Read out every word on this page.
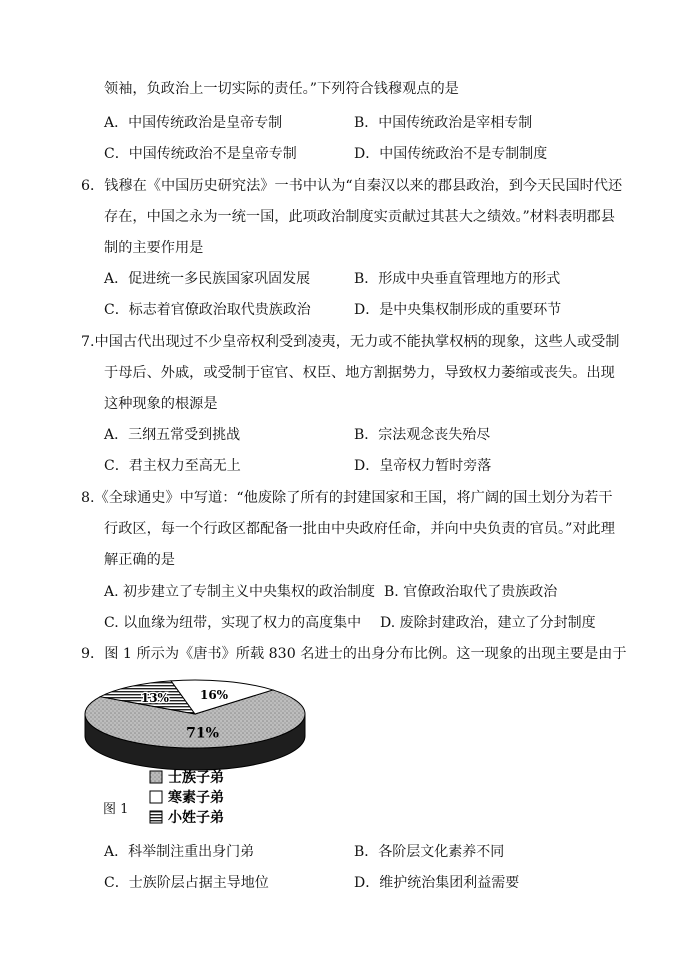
领袖，负政治上一切实际的责任。”下列符合钱穆观点的是
A．中国传统政治是皇帝专制	B．中国传统政治是宰相专制
C．中国传统政治不是皇帝专制	D．中国传统政治不是专制制度
6．钱穆在《中国历史研究法》一书中认为“自秦汉以来的郡县政治，到今天民国时代还
存在，中国之永为一统一国，此项政治制度实贡献过其甚大之绩效。”材料表明郡县
制的主要作用是
A．促进统一多民族国家巩固发展	B．形成中央垂直管理地方的形式
C．标志着官僚政治取代贵族政治	D．是中央集权制形成的重要环节
7.中国古代出现过不少皇帝权利受到凌夷，无力或不能执掌权柄的现象，这些人或受制
于母后、外戚，或受制于宦官、权臣、地方割据势力，导致权力萎缩或丧失。出现
这种现象的根源是
A．三纲五常受到挑战	B．宗法观念丧失殆尽
C．君主权力至高无上	D．皇帝权力暂时旁落
8.《全球通史》中写道：“他废除了所有的封建国家和王国，将广阔的国土划分为若干
行政区，每一个行政区都配备一批由中央政府任命，并向中央负责的官员。”对此理
解正确的是
A. 初步建立了专制主义中央集权的政治制度 B. 官僚政治取代了贵族政治
C. 以血缘为纽带，实现了权力的高度集中 D. 废除封建政治，建立了分封制度
9．图 1 所示为《唐书》所载 830 名进士的出身分布比例。这一现象的出现主要是由于
71%
13%	16%
士族子弟
寒素子弟
小姓子弟
图 1
A．科举制注重出身门弟	B．各阶层文化素养不同
C．士族阶层占据主导地位	D．维护统治集团利益需要
